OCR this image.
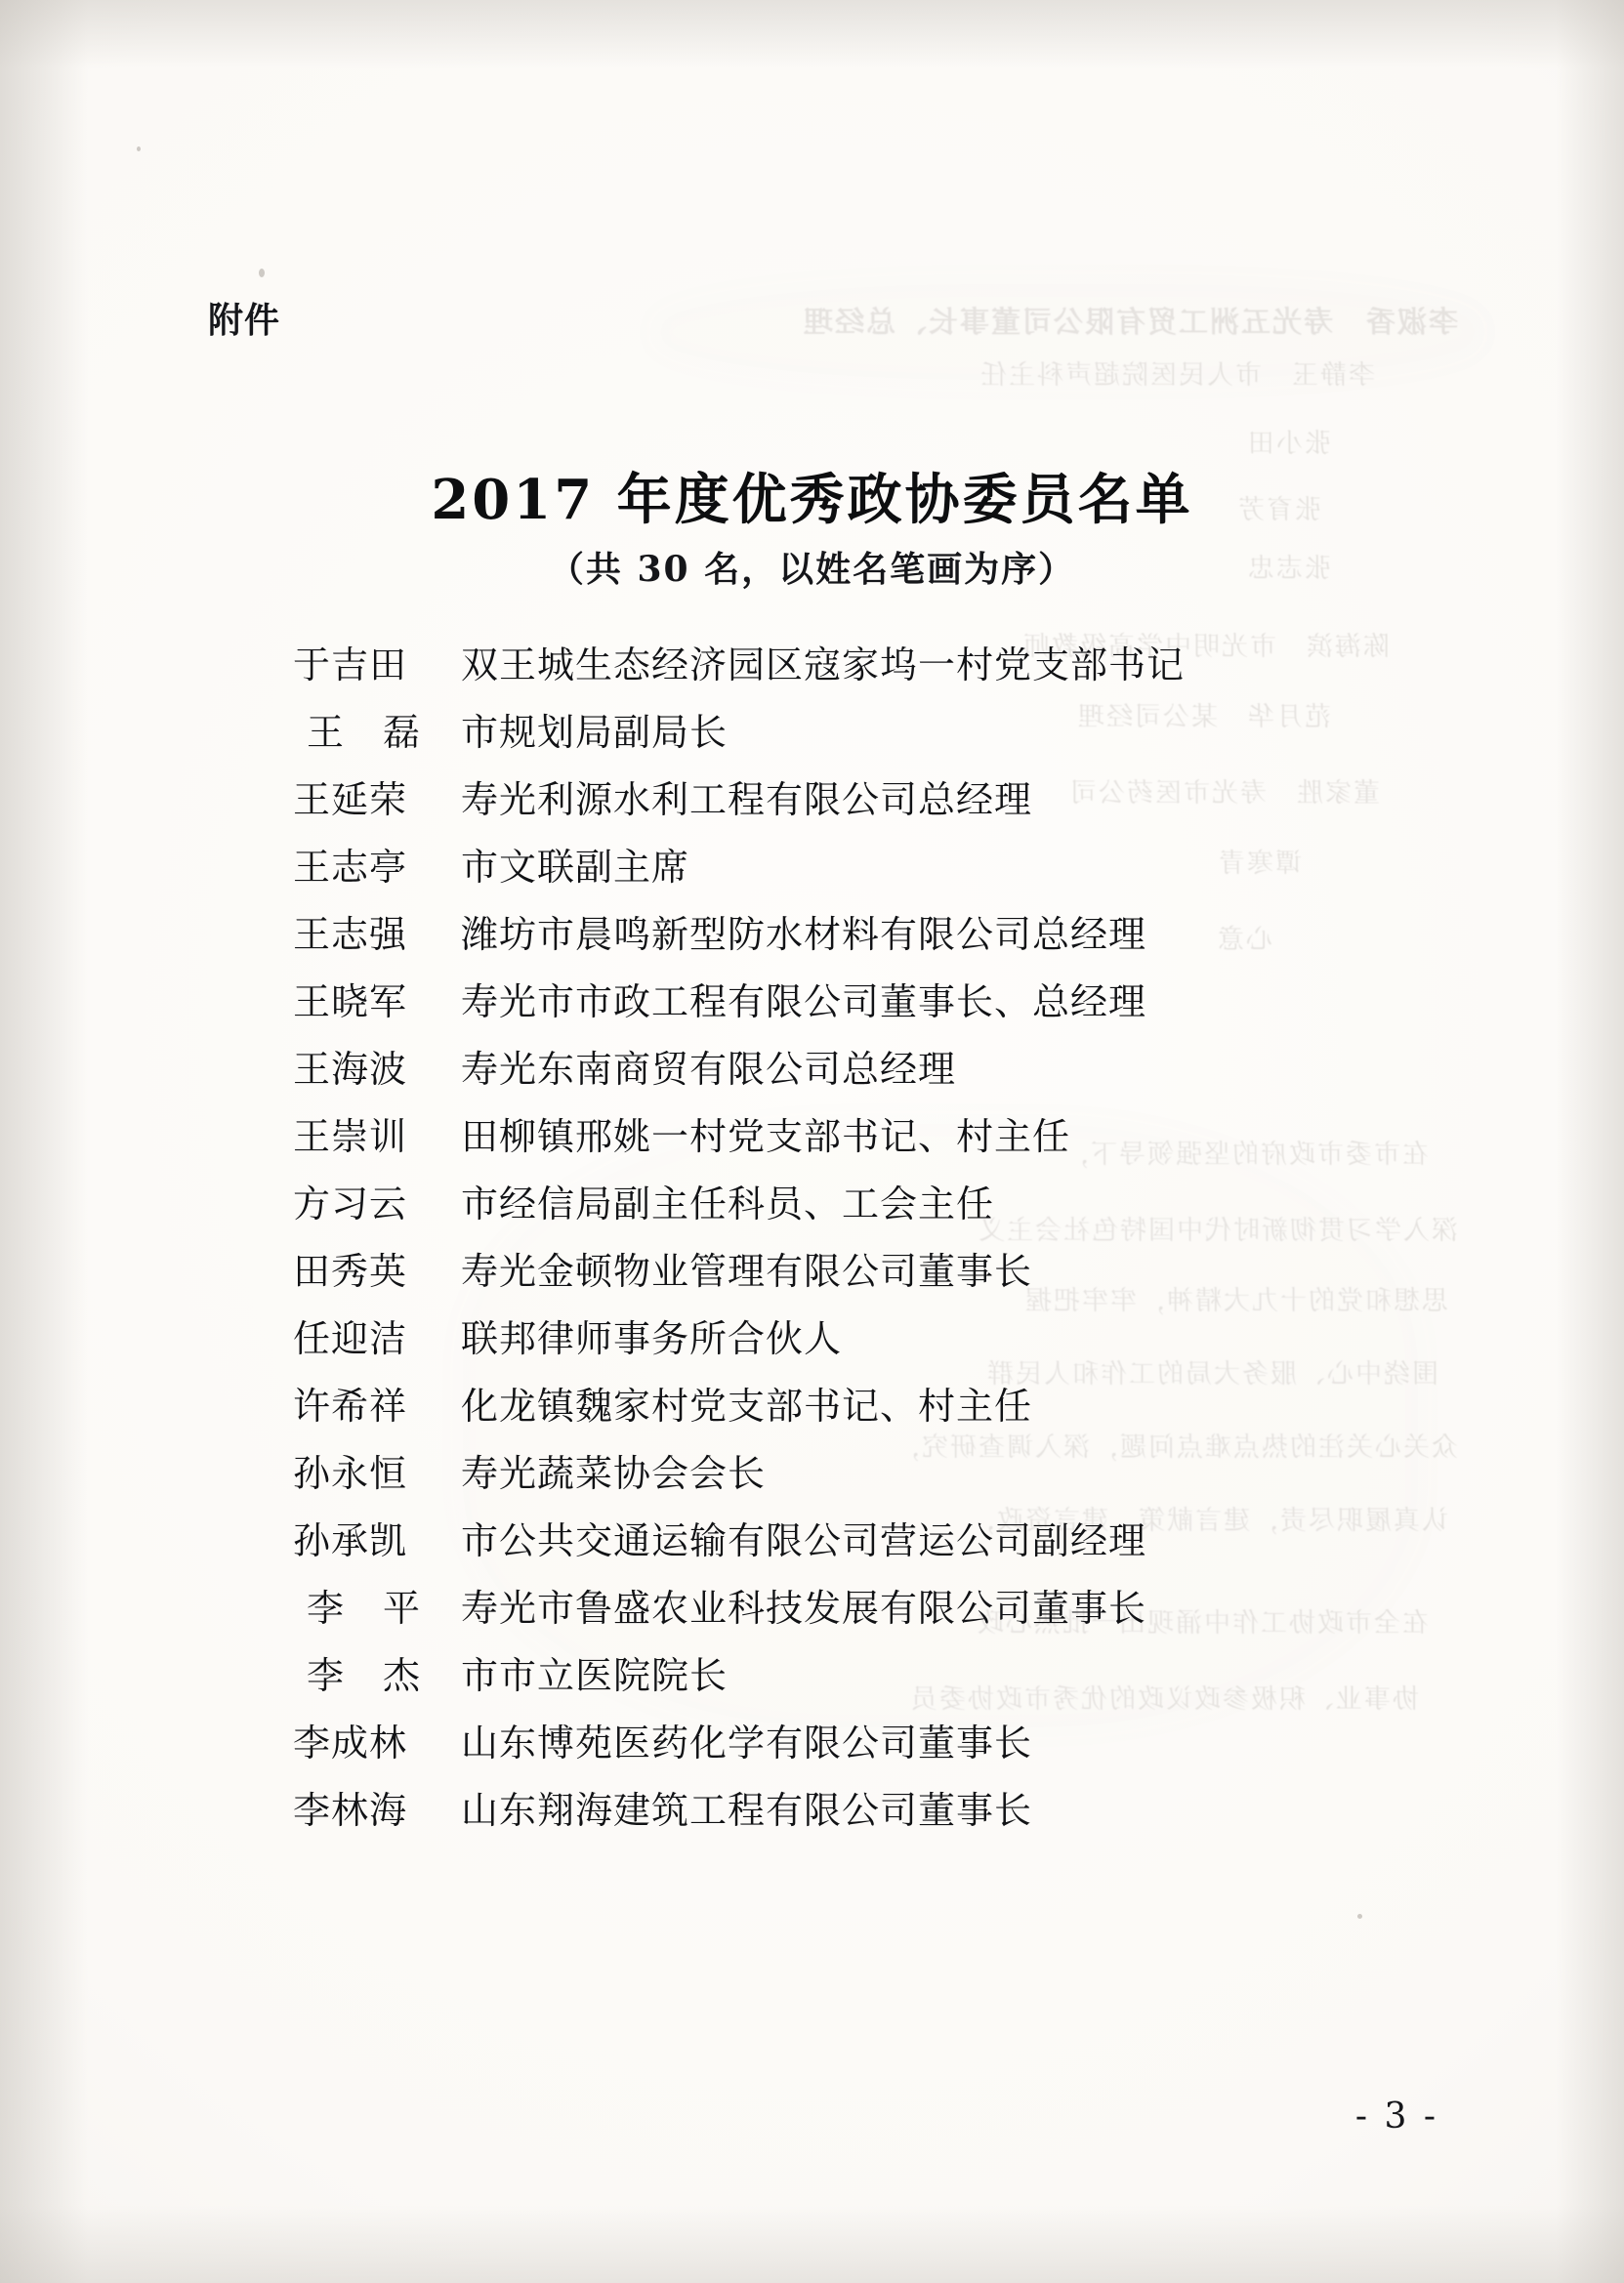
李淑香　寿光五洲工贸有限公司董事长、总经理
李静玉　市人民医院超声科主任
张小田
张育芳
张志忠
陈海滨　市光明中学高级教师
范月华　某公司经理
董家胜　寿光市医药公司
谭寒青
心意
在市委市政府的坚强领导下，
深入学习贯彻新时代中国特色社会主义
思想和党的十九大精神，牢牢把握
围绕中心、服务大局的工作和人民群
众关心关注的热点难点问题，深入调查研究，
认真履职尽责，建言献策、建言资政，
在全市政协工作中涌现出一批热心政
协事业、积极参政议政的优秀市政协委员
附件
2017 年度优秀政协委员名单
（共 30 名，以姓名笔画为序）
于吉田	双王城生态经济园区寇家坞一村党支部书记
王　磊	市规划局副局长
王延荣	寿光利源水利工程有限公司总经理
王志亭	市文联副主席
王志强	潍坊市晨鸣新型防水材料有限公司总经理
王晓军	寿光市市政工程有限公司董事长、总经理
王海波	寿光东南商贸有限公司总经理
王崇训	田柳镇邢姚一村党支部书记、村主任
方习云	市经信局副主任科员、工会主任
田秀英	寿光金顿物业管理有限公司董事长
任迎洁	联邦律师事务所合伙人
许希祥	化龙镇魏家村党支部书记、村主任
孙永恒	寿光蔬菜协会会长
孙承凯	市公共交通运输有限公司营运公司副经理
李　平	寿光市鲁盛农业科技发展有限公司董事长
李　杰	市市立医院院长
李成林	山东博苑医药化学有限公司董事长
李林海	山东翔海建筑工程有限公司董事长
- 3 -
